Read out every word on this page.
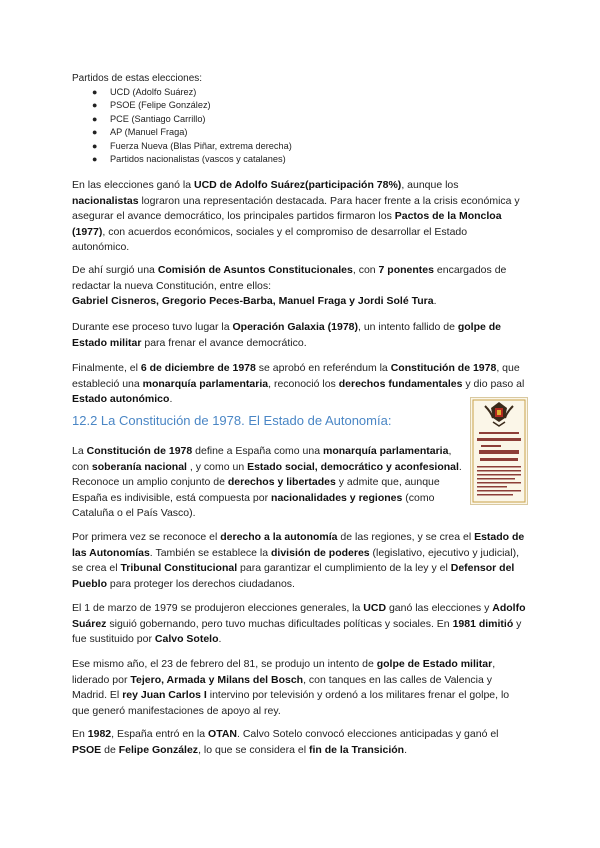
Partidos de estas elecciones:
● UCD (Adolfo Suárez)
● PSOE (Felipe González)
● PCE (Santiago Carrillo)
● AP (Manuel Fraga)
● Fuerza Nueva (Blas Piñar, extrema derecha)
● Partidos nacionalistas (vascos y catalanes)

En las elecciones ganó la UCD de Adolfo Suárez(participación 78%), aunque los nacionalistas lograron una representación destacada. Para hacer frente a la crisis económica y asegurar el avance democrático, los principales partidos firmaron los Pactos de la Moncloa (1977), con acuerdos económicos, sociales y el compromiso de desarrollar el Estado autonómico.

De ahí surgió una Comisión de Asuntos Constitucionales, con 7 ponentes encargados de redactar la nueva Constitución, entre ellos:
Gabriel Cisneros, Gregorio Peces-Barba, Manuel Fraga y Jordi Solé Tura.

Durante ese proceso tuvo lugar la Operación Galaxia (1978), un intento fallido de golpe de Estado militar para frenar el avance democrático.

Finalmente, el 6 de diciembre de 1978 se aprobó en referéndum la Constitución de 1978, que estableció una monarquía parlamentaria, reconoció los derechos fundamentales y dio paso al Estado autonómico.

12.2 La Constitución de 1978. El Estado de Autonomía:

La Constitución de 1978 define a España como una monarquía parlamentaria, con soberanía nacional , y como un Estado social, democrático y aconfesional. Reconoce un amplio conjunto de derechos y libertades y admite que, aunque España es indivisible, está compuesta por nacionalidades y regiones (como Cataluña o el País Vasco).

Por primera vez se reconoce el derecho a la autonomía de las regiones, y se crea el Estado de las Autonomías. También se establece la división de poderes (legislativo, ejecutivo y judicial), se crea el Tribunal Constitucional para garantizar el cumplimiento de la ley y el Defensor del Pueblo para proteger los derechos ciudadanos.

El 1 de marzo de 1979 se produjeron elecciones generales, la UCD ganó las elecciones y Adolfo Suárez siguió gobernando, pero tuvo muchas dificultades políticas y sociales. En 1981 dimitió y fue sustituido por Calvo Sotelo.

Ese mismo año, el 23 de febrero del 81, se produjo un intento de golpe de Estado militar, liderado por Tejero, Armada y Milans del Bosch, con tanques en las calles de Valencia y Madrid. El rey Juan Carlos I intervino por televisión y ordenó a los militares frenar el golpe, lo que generó manifestaciones de apoyo al rey.

En 1982, España entró en la OTAN. Calvo Sotelo convocó elecciones anticipadas y ganó el PSOE de Felipe González, lo que se considera el fin de la Transición.
